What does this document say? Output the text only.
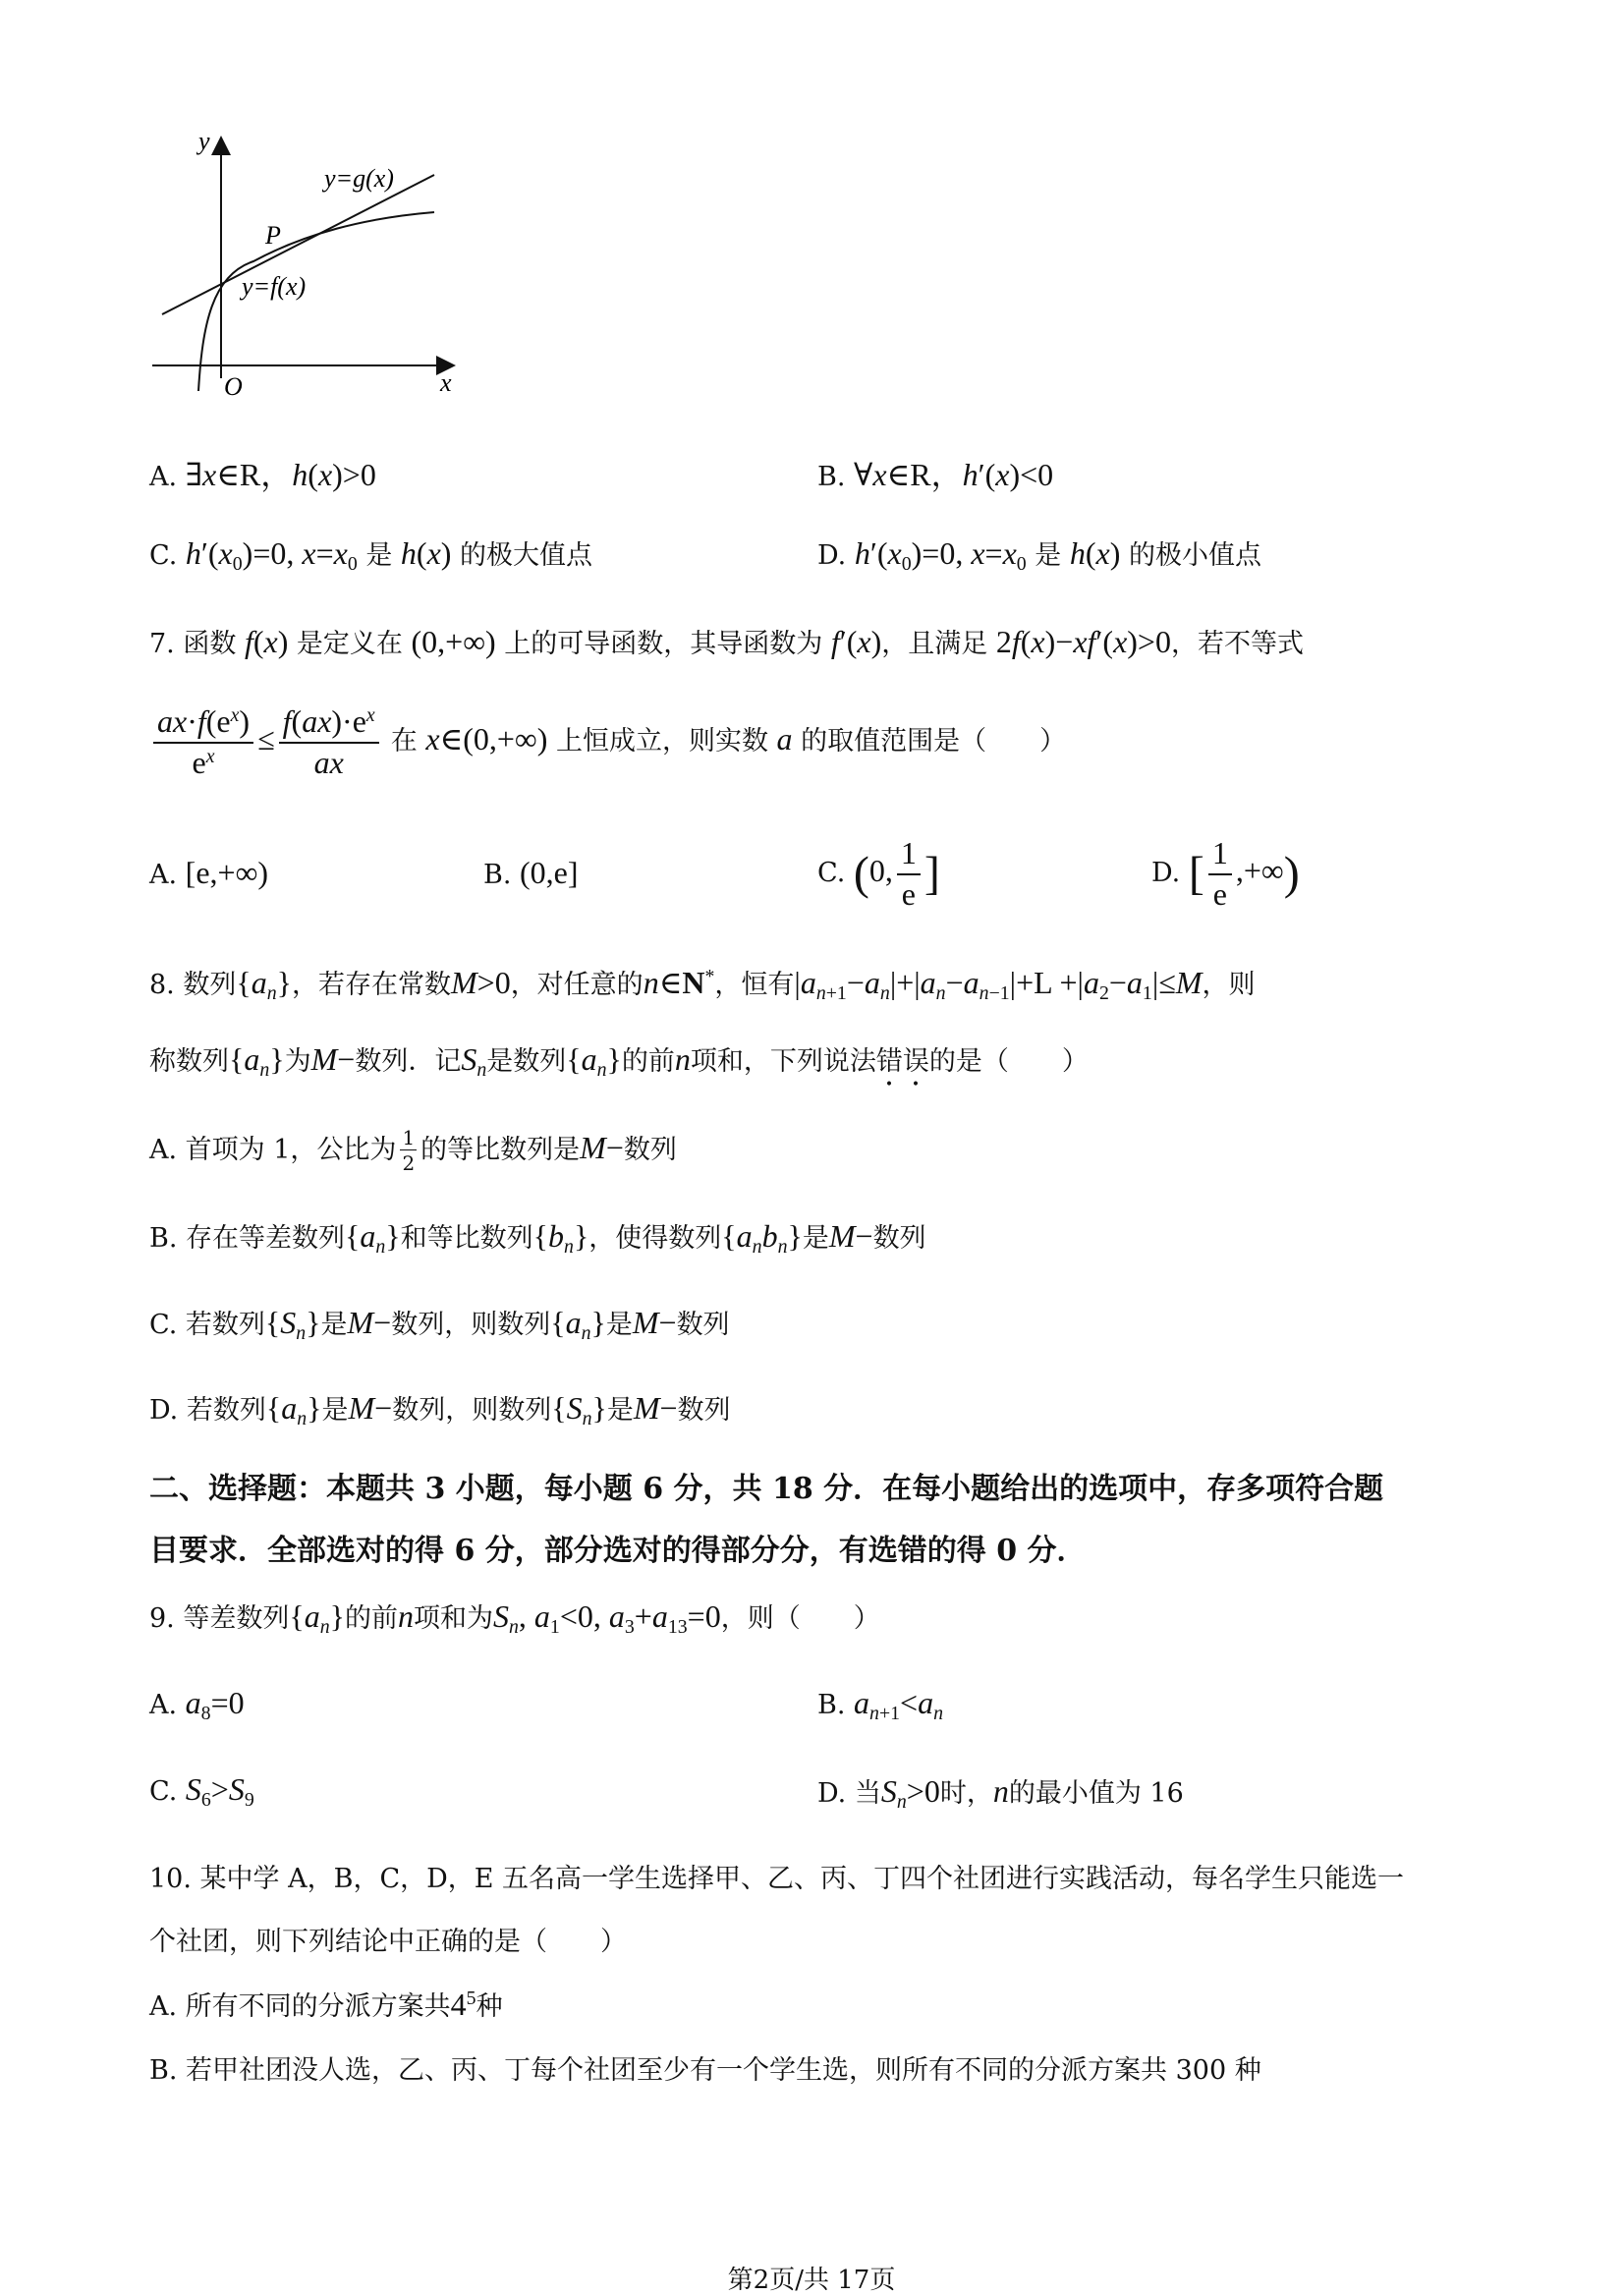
y
x
O
P
y=g(x)
y=f(x)
A. ∃x∈R，h(x)>0	B. ∀x∈R，h′(x)<0
C. $h'(x_0)=0$, $x=x_0$ 是 h(x) 的极大值点	D. $h'(x_0)=0$, $x=x_0$ 是 h(x) 的极小值点
7. 函数 f(x) 是定义在 (0,+∞) 上的可导函数，其导函数为 f′(x)，且满足 2f(x)−xf′(x)>0，若不等式
$\frac{ax\cdot f(e^x)}{e^x} \le \frac{f(ax)\cdot e^x}{ax}$ 在 x∈(0,+∞) 上恒成立，则实数 a 的取值范围是（　　）
A. [e,+∞)	B. (0,e]	C. (0, $\frac{1}{e}$ ]	D. [ $\frac{1}{e}$ ,+∞)
8. 数列$\{a_n\}$，若存在常数M>0，对任意的n∈N*，恒有$|a_{n+1}-a_n|+|a_n-a_{n-1}|+L +|a_2-a_1|\le M$，则
称数列$\{a_n\}$为M−数列．记$S_n$是数列$\{a_n\}$的前n项和，下列说法错误的是（　　）
A. 首项为 1，公比为 $\frac{1}{2}$ 的等比数列是M−数列
B. 存在等差数列$\{a_n\}$和等比数列$\{b_n\}$，使得数列$\{a_nb_n\}$是M−数列
C. 若数列$\{S_n\}$是M−数列，则数列$\{a_n\}$是M−数列
D. 若数列$\{a_n\}$是M−数列，则数列$\{S_n\}$是M−数列
二、选择题：本题共 3 小题，每小题 6 分，共 18 分．在每小题给出的选项中，存多项符合题
目要求．全部选对的得 6 分，部分选对的得部分分，有选错的得 0 分．
9. 等差数列$\{a_n\}$的前n项和为$S_n$, $a_1<0$, $a_3+a_{13}=0$，则（　　）
A. $a_8=0$	B. $a_{n+1}<a_n$
C. $S_6>S_9$	D. 当$S_n>0$时，n的最小值为 16
10. 某中学 A，B，C，D，E 五名高一学生选择甲、乙、丙、丁四个社团进行实践活动，每名学生只能选一
个社团，则下列结论中正确的是（　　）
A. 所有不同的分派方案共$4^5$种
B. 若甲社团没人选，乙、丙、丁每个社团至少有一个学生选，则所有不同的分派方案共 300 种
第2页/共 17页
